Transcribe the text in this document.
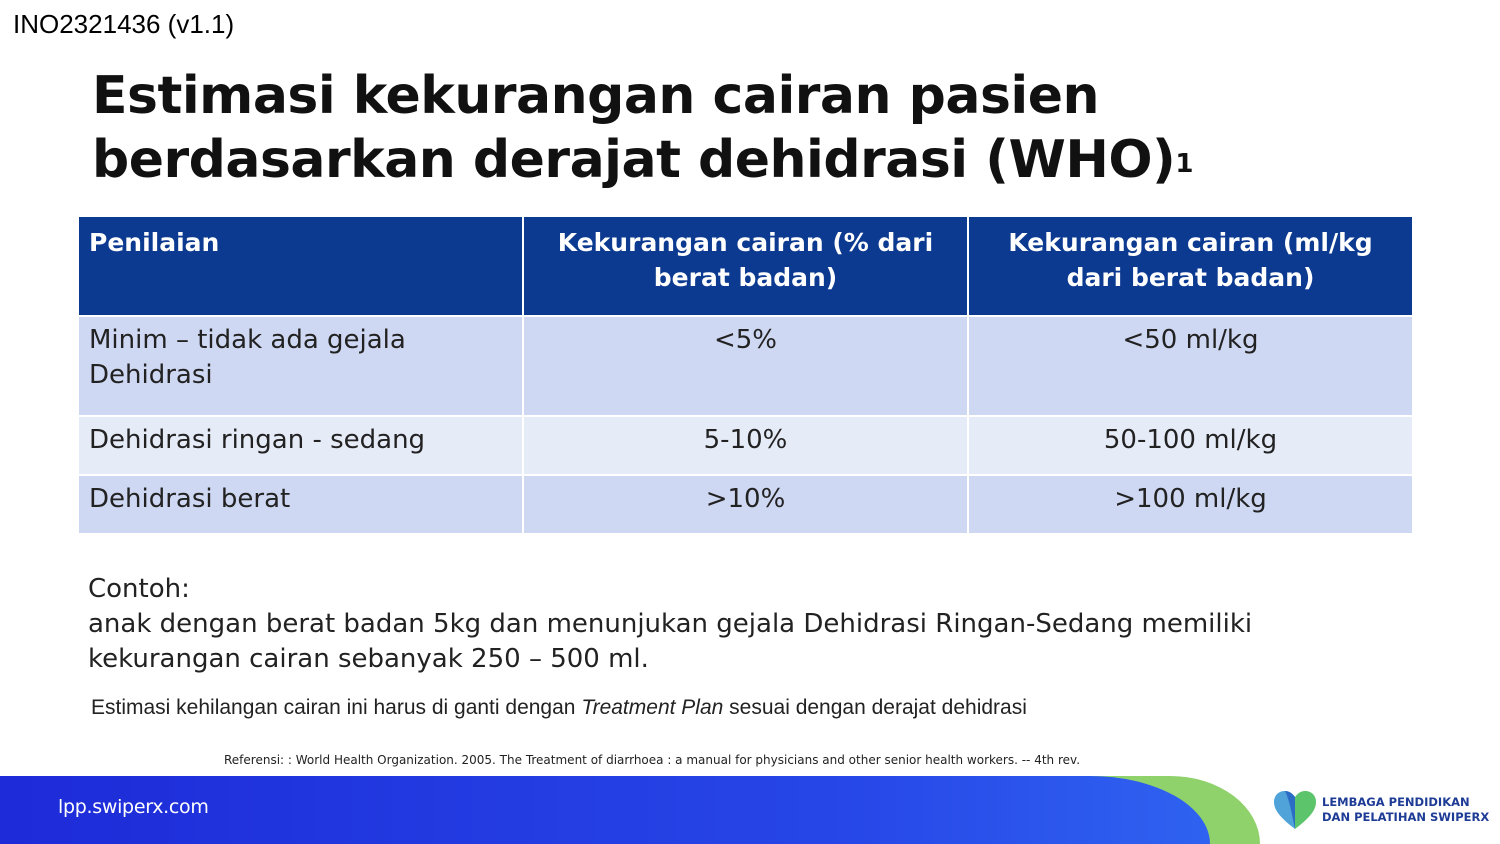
INO2321436 (v1.1)
Estimasi kekurangan cairan pasien berdasarkan derajat dehidrasi (WHO)$^1$
Penilaian	Kekurangan cairan (% dari berat badan)	Kekurangan cairan (ml/kg dari berat badan)
Minim – tidak ada gejala Dehidrasi	<5%	<50 ml/kg
Dehidrasi ringan - sedang	5-10%	50-100 ml/kg
Dehidrasi berat	>10%	>100 ml/kg
Contoh:
anak dengan berat badan 5kg dan menunjukan gejala Dehidrasi Ringan-Sedang memiliki kekurangan cairan sebanyak 250 – 500 ml.
Estimasi kehilangan cairan ini harus di ganti dengan Treatment Plan sesuai dengan derajat dehidrasi
Referensi: : World Health Organization. 2005. The Treatment of diarrhoea : a manual for physicians and other senior health workers. -- 4th rev.
lpp.swiperx.com	LEMBAGA PENDIDIKAN
DAN PELATIHAN SWIPERX
